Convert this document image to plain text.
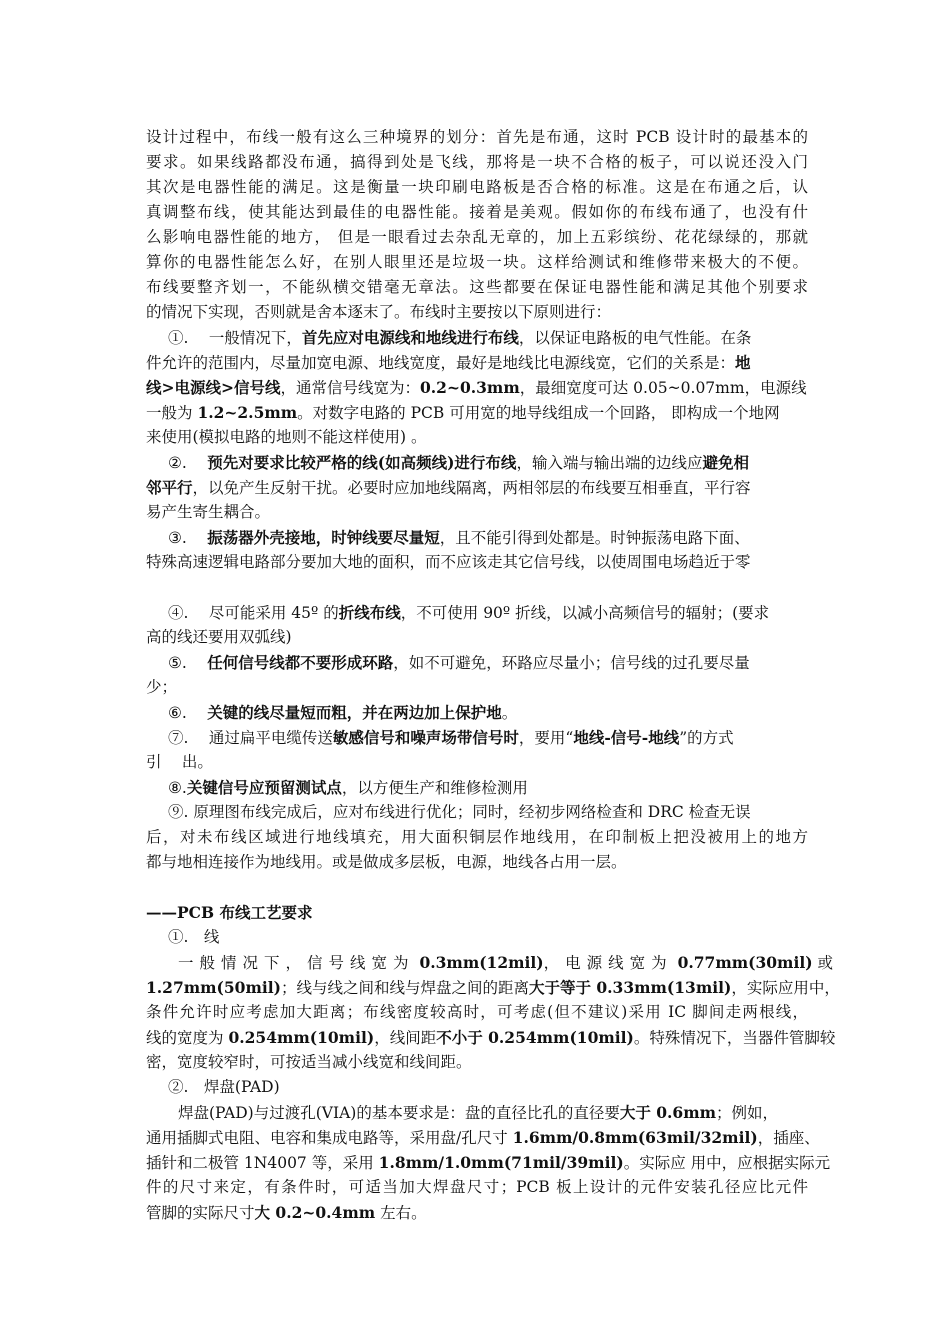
设计过程中，布线一般有这么三种境界的划分：首先是布通，这时 PCB 设计时的最基本的
要求。如果线路都没布通，搞得到处是飞线，那将是一块不合格的板子，可以说还没入门
其次是电器性能的满足。这是衡量一块印刷电路板是否合格的标准。这是在布通之后，认
真调整布线，使其能达到最佳的电器性能。接着是美观。假如你的布线布通了，也没有什
么影响电器性能的地方， 但是一眼看过去杂乱无章的，加上五彩缤纷、花花绿绿的，那就
算你的电器性能怎么好，在别人眼里还是垃圾一块。这样给测试和维修带来极大的不便。
布线要整齐划一，不能纵横交错毫无章法。这些都要在保证电器性能和满足其他个别要求
的情况下实现，否则就是舍本逐末了。布线时主要按以下原则进行：
①.　 一般情况下，首先应对电源线和地线进行布线，以保证电路板的电气性能。在条
件允许的范围内，尽量加宽电源、地线宽度，最好是地线比电源线宽，它们的关系是：地
线>电源线>信号线，通常信号线宽为：0.2~0.3mm，最细宽度可达 0.05~0.07mm，电源线
一般为 1.2~2.5mm。对数字电路的 PCB 可用宽的地导线组成一个回路， 即构成一个地网
来使用(模拟电路的地则不能这样使用) 。
②.　 预先对要求比较严格的线(如高频线)进行布线，输入端与输出端的边线应避免相
邻平行，以免产生反射干扰。必要时应加地线隔离，两相邻层的布线要互相垂直，平行容
易产生寄生耦合。
③.　 振荡器外壳接地，时钟线要尽量短，且不能引得到处都是。时钟振荡电路下面、
特殊高速逻辑电路部分要加大地的面积，而不应该走其它信号线，以使周围电场趋近于零
④.　 尽可能采用 45º 的折线布线，不可使用 90º 折线，以减小高频信号的辐射；(要求
高的线还要用双弧线)
⑤.　 任何信号线都不要形成环路，如不可避免，环路应尽量小；信号线的过孔要尽量
少；
⑥.　 关键的线尽量短而粗，并在两边加上保护地。
⑦.　 通过扁平电缆传送敏感信号和噪声场带信号时，要用“地线-信号-地线”的方式
引　 出。
⑧.关键信号应预留测试点，以方便生产和维修检测用
⑨. 原理图布线完成后，应对布线进行优化；同时，经初步网络检查和 DRC 检查无误
后，对未布线区域进行地线填充，用大面积铜层作地线用，在印制板上把没被用上的地方
都与地相连接作为地线用。或是做成多层板，电源，地线各占用一层。
——PCB 布线工艺要求
①.　线
一般情况下，信号线宽为 0.3mm(12mil)，电源线宽为 0.77mm(30mil) 或
1.27mm(50mil)；线与线之间和线与焊盘之间的距离大于等于 0.33mm(13mil)，实际应用中，
条件允许时应考虑加大距离；布线密度较高时，可考虑(但不建议)采用 IC 脚间走两根线，
线的宽度为 0.254mm(10mil)，线间距不小于 0.254mm(10mil)。特殊情况下，当器件管脚较
密，宽度较窄时，可按适当减小线宽和线间距。
②.　焊盘(PAD)
焊盘(PAD)与过渡孔(VIA)的基本要求是：盘的直径比孔的直径要大于 0.6mm；例如，
通用插脚式电阻、电容和集成电路等，采用盘/孔尺寸 1.6mm/0.8mm(63mil/32mil)，插座、
插针和二极管 1N4007 等，采用 1.8mm/1.0mm(71mil/39mil)。实际应 用中，应根据实际元
件的尺寸来定，有条件时，可适当加大焊盘尺寸；PCB 板上设计的元件安装孔径应比元件
管脚的实际尺寸大 0.2~0.4mm 左右。
